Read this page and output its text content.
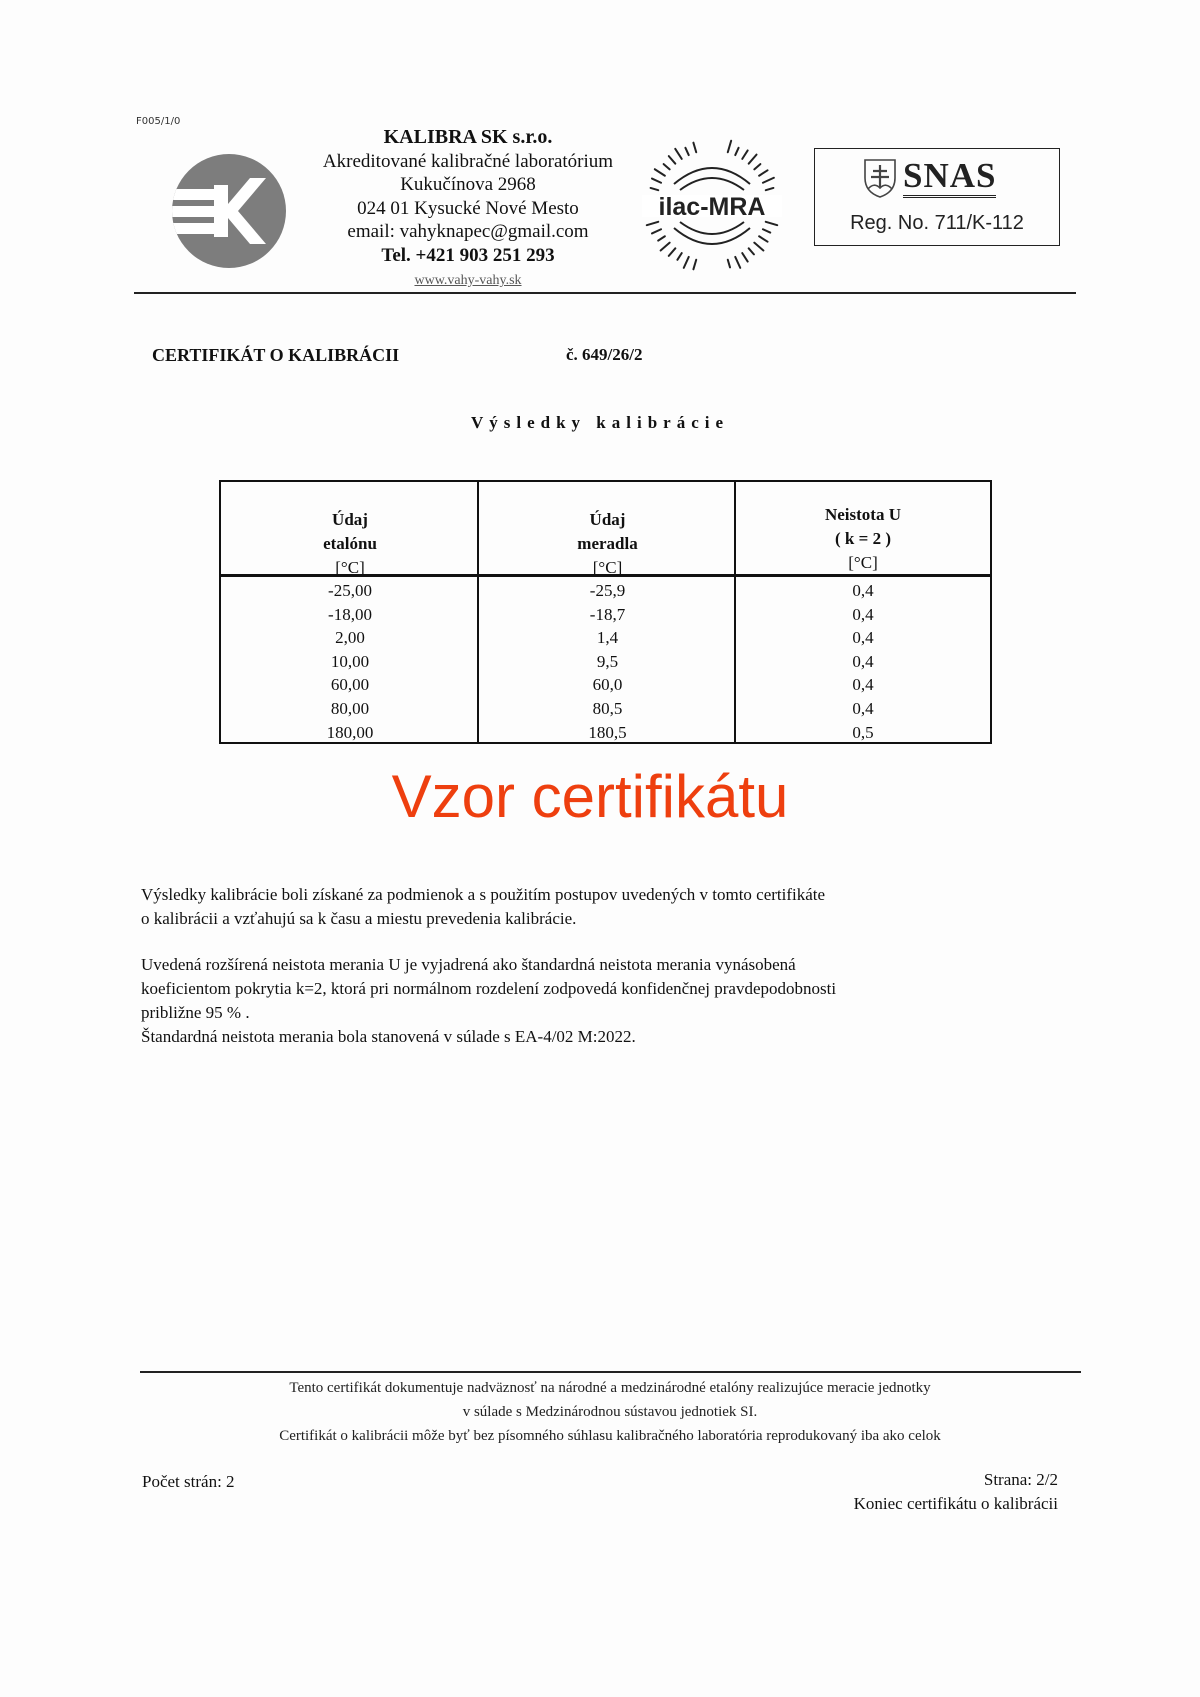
F005/1/0
KALIBRA SK s.r.o.
Akreditované kalibračné laboratórium
Kukučínova 2968
024 01 Kysucké Nové Mesto
email: vahyknapec@gmail.com
Tel. +421 903 251 293
www.vahy-vahy.sk
ilac-MRA
SNAS
Reg. No. 711/K-112
CERTIFIKÁT O KALIBRÁCII	č. 649/26/2
Výsledky kalibrácie
Údaj
etalónu
[°C]
-25,00
-18,00
2,00
10,00
60,00
80,00
180,00
Údaj
meradla
[°C]
-25,9
-18,7
1,4
9,5
60,0
80,5
180,5
Neistota U
( k = 2 )
[°C]
0,4
0,4
0,4
0,4
0,4
0,4
0,5
Vzor certifikátu

Výsledky kalibrácie boli získané za podmienok a s použitím postupov uvedených v tomto certifikáte

o kalibrácii a vzťahujú sa k času a miestu prevedenia kalibrácie.

Uvedená rozšírená neistota merania U je vyjadrená ako štandardná neistota merania vynásobená

koeficientom pokrytia k=2, ktorá pri normálnom rozdelení zodpovedá konfidenčnej pravdepodobnosti

približne 95 % .

Štandardná neistota merania bola stanovená v súlade s EA-4/02 M:2022.

Tento certifikát dokumentuje nadväznosť na národné a medzinárodné etalóny realizujúce meracie jednotky

v súlade s Medzinárodnou sústavou jednotiek SI.

Certifikát o kalibrácii môže byť bez písomného súhlasu kalibračného laboratória reprodukovaný iba ako celok

Počet strán: 2	Strana: 2/2
Koniec certifikátu o kalibrácii
